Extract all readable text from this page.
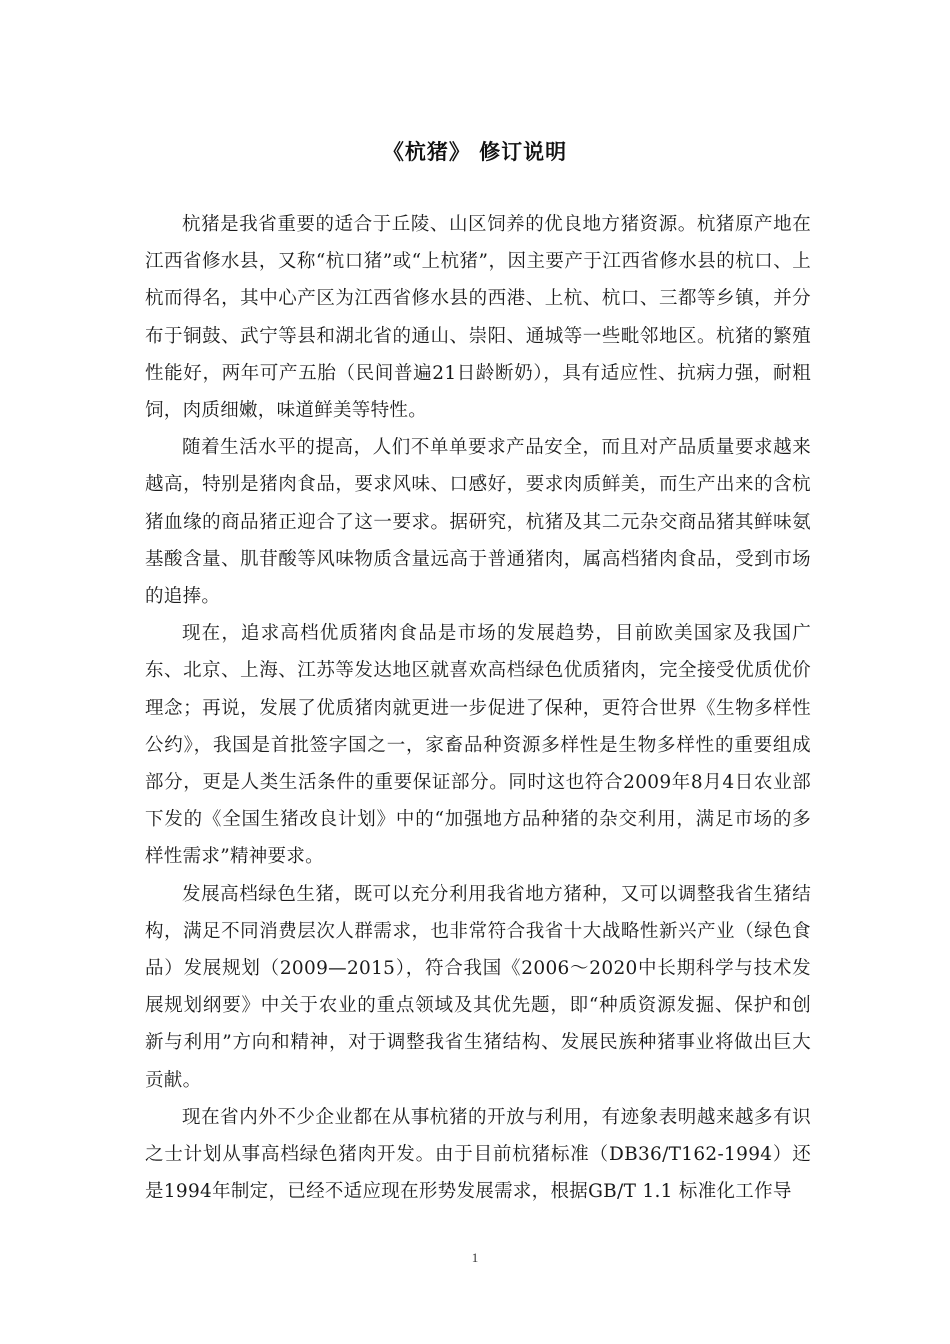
《杭猪》 修订说明

杭猪是我省重要的适合于丘陵、山区饲养的优良地方猪资源。杭猪原产地在江西省修水县，又称“杭口猪”或“上杭猪”，因主要产于江西省修水县的杭口、上杭而得名，其中心产区为江西省修水县的西港、上杭、杭口、三都等乡镇，并分布于铜鼓、武宁等县和湖北省的通山、崇阳、通城等一些毗邻地区。杭猪的繁殖性能好，两年可产五胎（民间普遍21日龄断奶），具有适应性、抗病力强，耐粗饲，肉质细嫩，味道鲜美等特性。

随着生活水平的提高，人们不单单要求产品安全，而且对产品质量要求越来越高，特别是猪肉食品，要求风味、口感好，要求肉质鲜美，而生产出来的含杭猪血缘的商品猪正迎合了这一要求。据研究，杭猪及其二元杂交商品猪其鲜味氨基酸含量、肌苷酸等风味物质含量远高于普通猪肉，属高档猪肉食品，受到市场的追捧。

现在，追求高档优质猪肉食品是市场的发展趋势，目前欧美国家及我国广东、北京、上海、江苏等发达地区就喜欢高档绿色优质猪肉，完全接受优质优价理念；再说，发展了优质猪肉就更进一步促进了保种，更符合世界《生物多样性公约》，我国是首批签字国之一，家畜品种资源多样性是生物多样性的重要组成部分，更是人类生活条件的重要保证部分。同时这也符合2009年8月4日农业部下发的《全国生猪改良计划》中的“加强地方品种猪的杂交利用，满足市场的多样性需求”精神要求。

发展高档绿色生猪，既可以充分利用我省地方猪种，又可以调整我省生猪结构，满足不同消费层次人群需求，也非常符合我省十大战略性新兴产业（绿色食品）发展规划（2009—2015），符合我国《2006～2020中长期科学与技术发展规划纲要》中关于农业的重点领域及其优先题，即“种质资源发掘、保护和创新与利用”方向和精神，对于调整我省生猪结构、发展民族种猪事业将做出巨大贡献。

现在省内外不少企业都在从事杭猪的开放与利用，有迹象表明越来越多有识之士计划从事高档绿色猪肉开发。由于目前杭猪标准（DB36/T162-1994）还是1994年制定，已经不适应现在形势发展需求，根据GB/T 1.1 标准化工作导

1
